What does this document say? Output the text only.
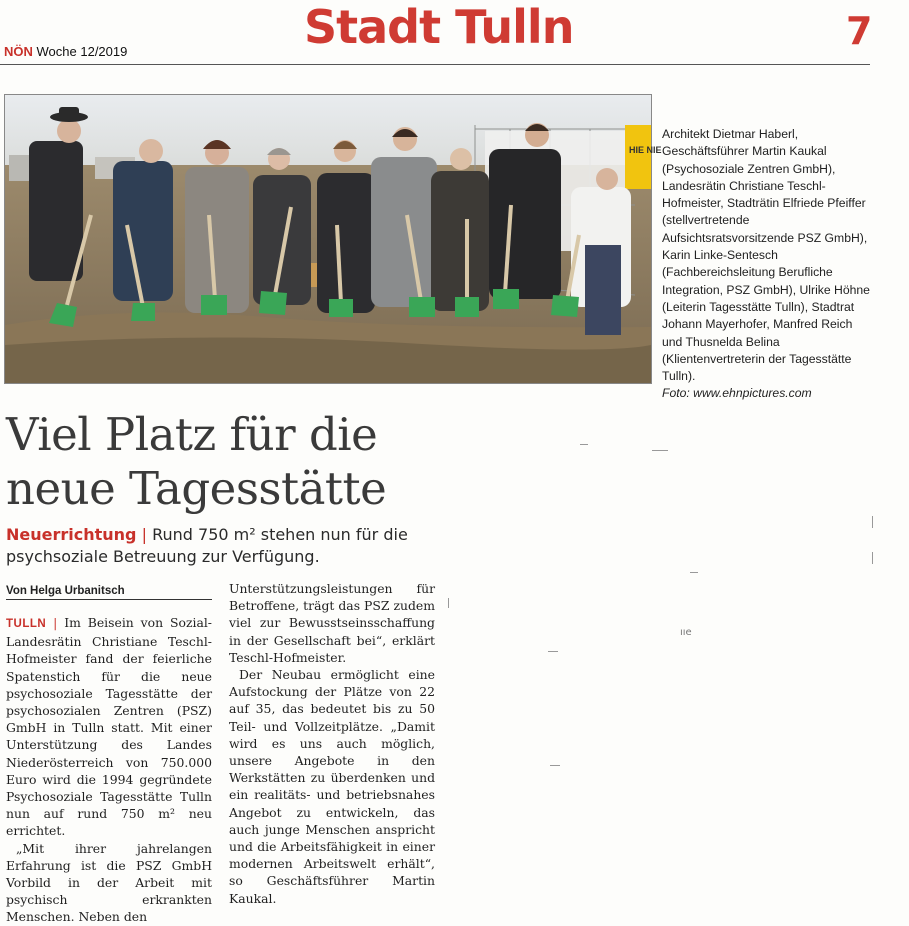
NÖN Woche 12/2019	Stadt Tulln	7
HIE NIE
Architekt Dietmar Haberl, Geschäftsführer Martin Kaukal (Psychosoziale Zentren GmbH), Landesrätin Christiane Teschl-Hofmeister, Stadträtin Elfriede Pfeiffer (stellvertretende Aufsichtsratsvorsitzende PSZ GmbH), Karin Linke-Sentesch (Fachbereichsleitung Berufliche Integration, PSZ GmbH), Ulrike Höhne (Leiterin Tagesstätte Tulln), Stadtrat Johann Mayerhofer, Manfred Reich und Thusnelda Belina (Klientenvertreterin der Tagesstätte Tulln).
Foto: www.ehnpictures.com
Viel Platz für die neue Tagesstätte
Neuerrichtung | Rund 750 m² stehen nun für die psychsoziale Betreuung zur Verfügung.
Von Helga Urbanitsch

TULLN | Im Beisein von Sozial-Landesrätin Christiane Teschl-Hofmeister fand der feierliche Spatenstich für die neue psychosoziale Tagesstätte der psychosozialen Zentren (PSZ) GmbH in Tulln statt. Mit einer Unterstützung des Landes Niederösterreich von 750.000 Euro wird die 1994 gegründete Psychosoziale Tagesstätte Tulln nun auf rund 750 m² neu errichtet.

„Mit ihrer jahrelangen Erfahrung ist die PSZ GmbH Vorbild in der Arbeit mit psychisch erkrankten Menschen. Neben den

Unterstützungsleistungen für Betroffene, trägt das PSZ zudem viel zur Bewusstseinsschaffung in der Gesellschaft bei“, erklärt Teschl-Hofmeister.

Der Neubau ermöglicht eine Aufstockung der Plätze von 22 auf 35, das bedeutet bis zu 50 Teil- und Vollzeitplätze. „Damit wird es uns auch möglich, unsere Angebote in den Werkstätten zu überdenken und ein realitäts- und betriebsnahes Angebot zu entwickeln, das auch junge Menschen anspricht und die Arbeitsfähigkeit in einer modernen Arbeitswelt erhält“, so Geschäftsführer Martin Kaukal.

ııe
